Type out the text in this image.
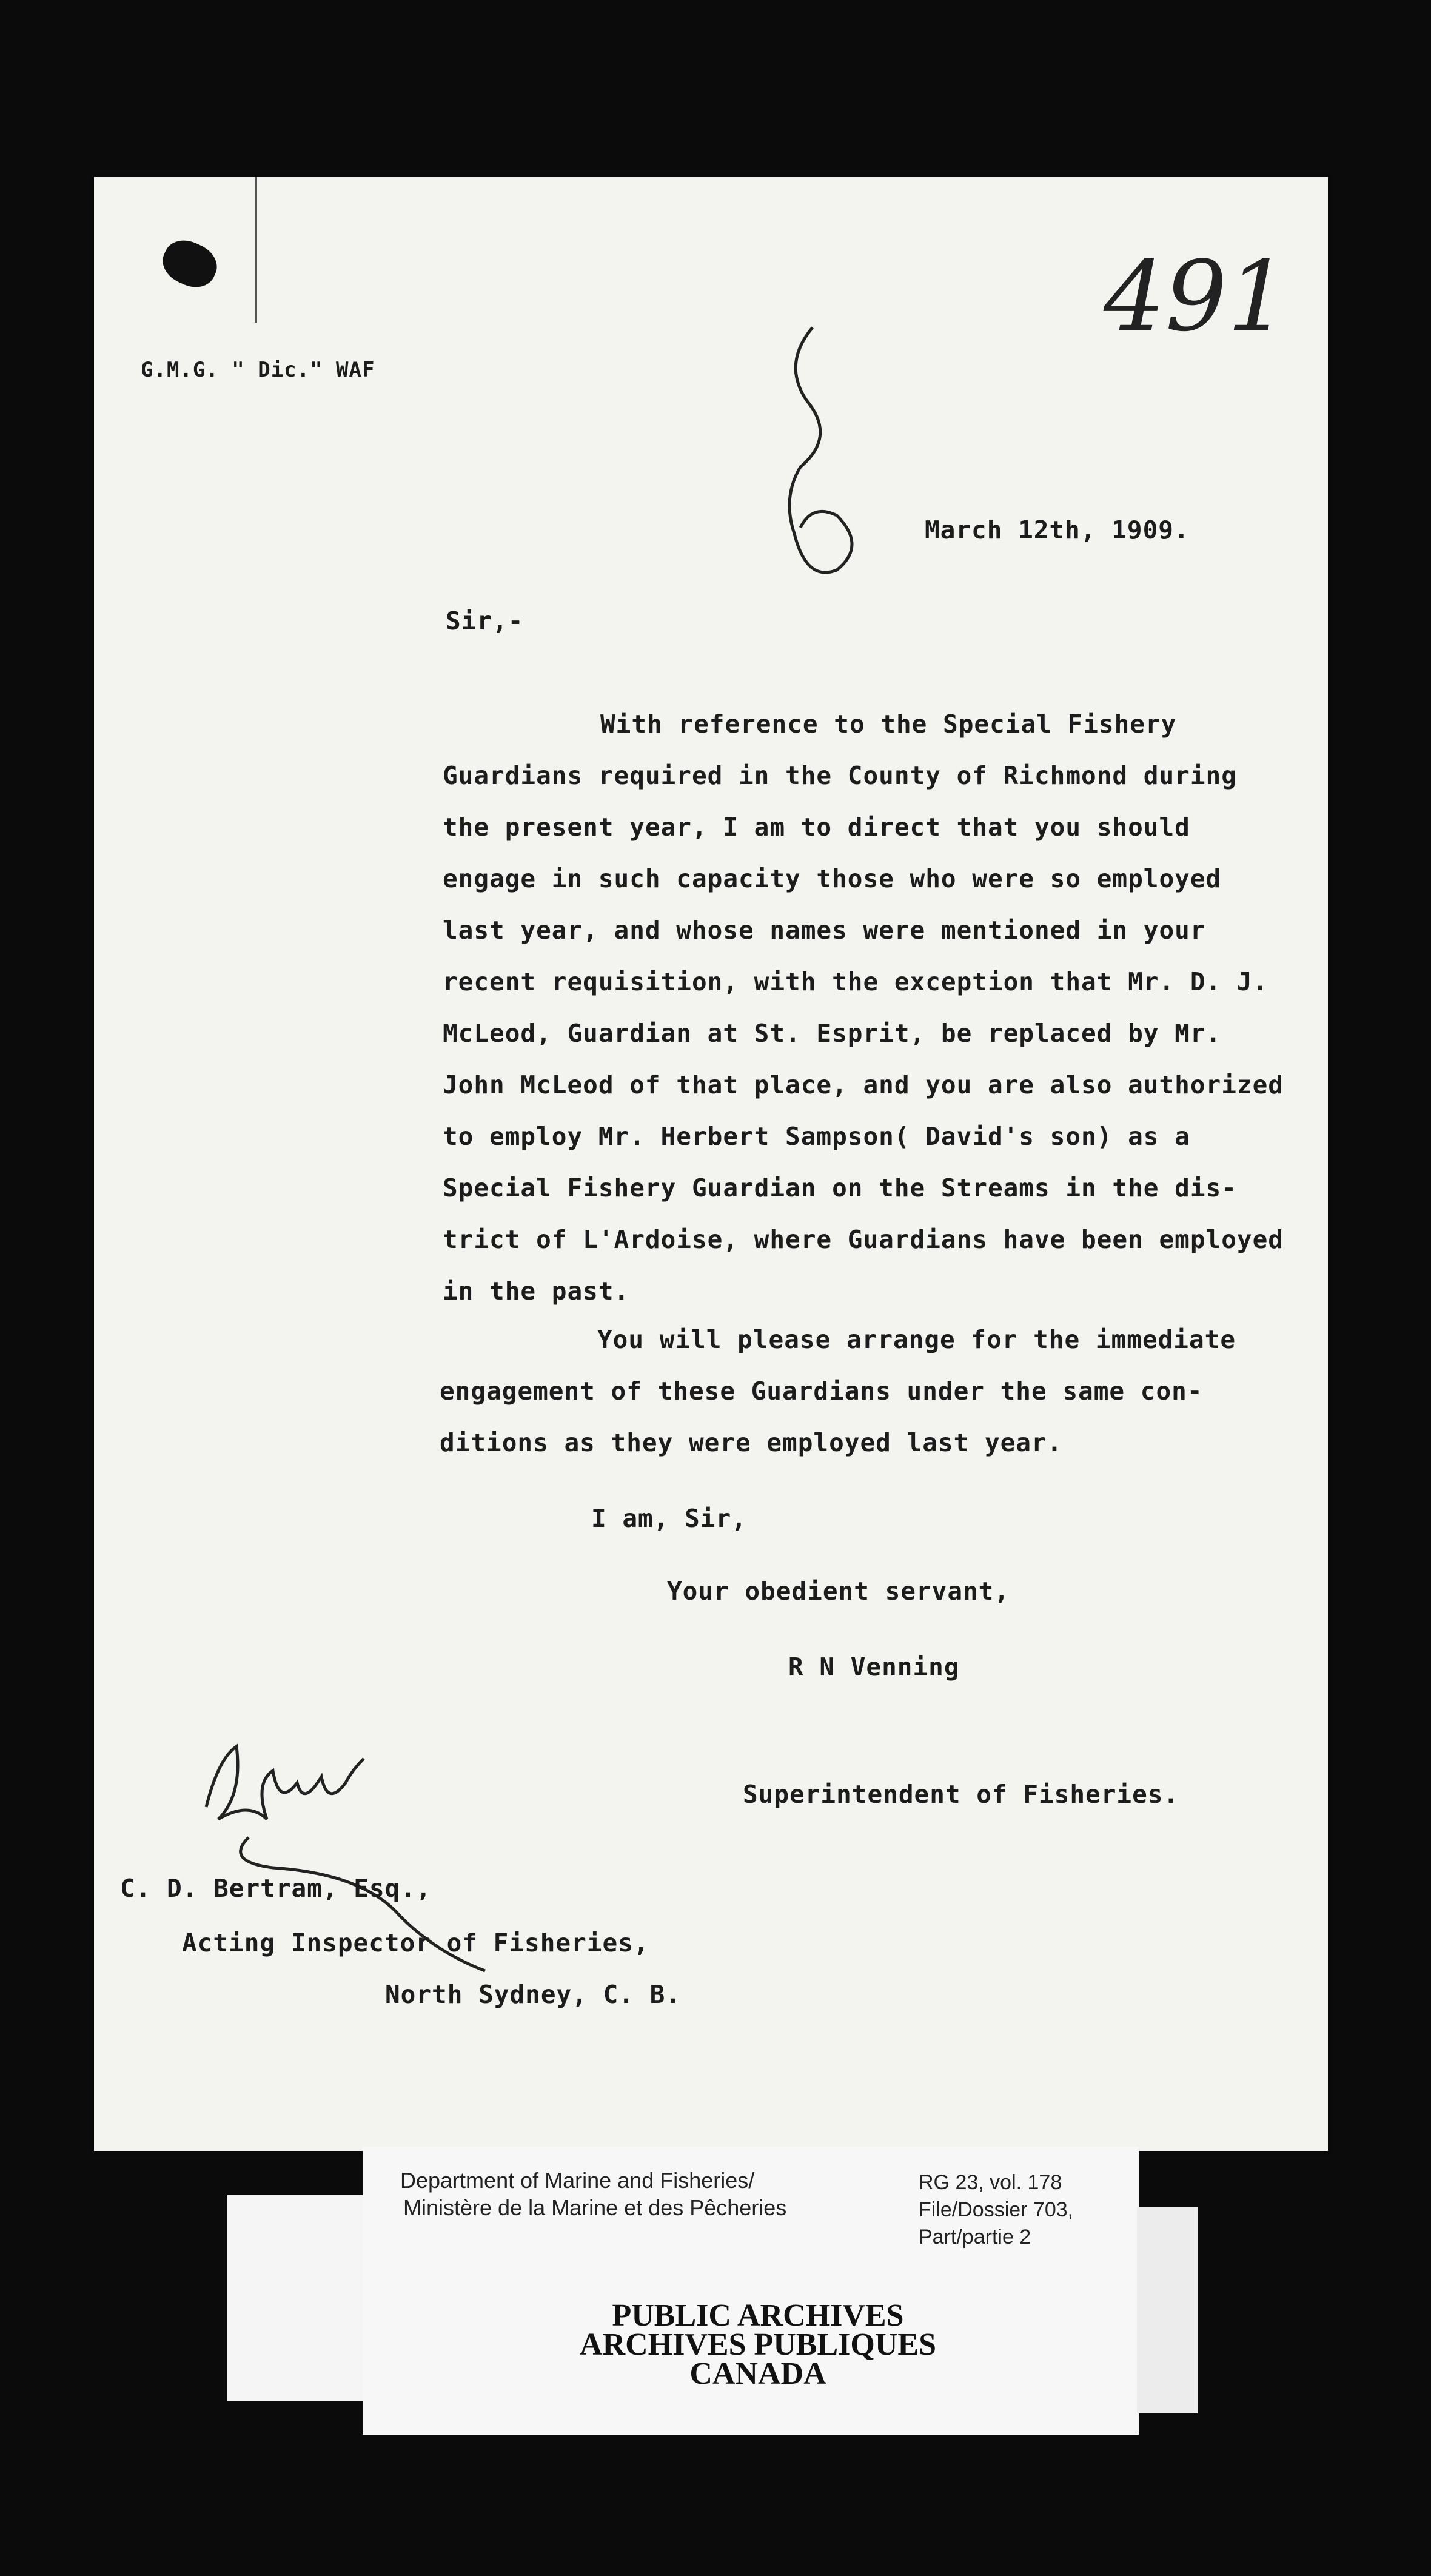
491
G.M.G. " Dic." WAF
March 12th, 1909.
Sir,-
With reference to the Special Fishery
Guardians required in the County of Richmond during
the present year, I am to direct that you should
engage in such capacity those who were so employed
last year, and whose names were mentioned in your
recent requisition, with the exception that Mr. D. J.
McLeod, Guardian at St. Esprit, be replaced by Mr.
John McLeod of that place, and you are also authorized
to employ Mr. Herbert Sampson( David's son) as a
Special Fishery Guardian on the Streams in the dis-
trict of L'Ardoise, where Guardians have been employed
in the past.
You will please arrange for the immediate
engagement of these Guardians under the same con-
ditions as they were employed last year.
I am, Sir,
Your obedient servant,
R N Venning
Superintendent of Fisheries.
C. D. Bertram, Esq.,
Acting Inspector of Fisheries,
North Sydney, C. B.
Department of Marine and Fisheries/
Ministère de la Marine et des Pêcheries
RG 23, vol. 178
File/Dossier 703,
Part/partie 2
PUBLIC ARCHIVES
ARCHIVES PUBLIQUES
CANADA
